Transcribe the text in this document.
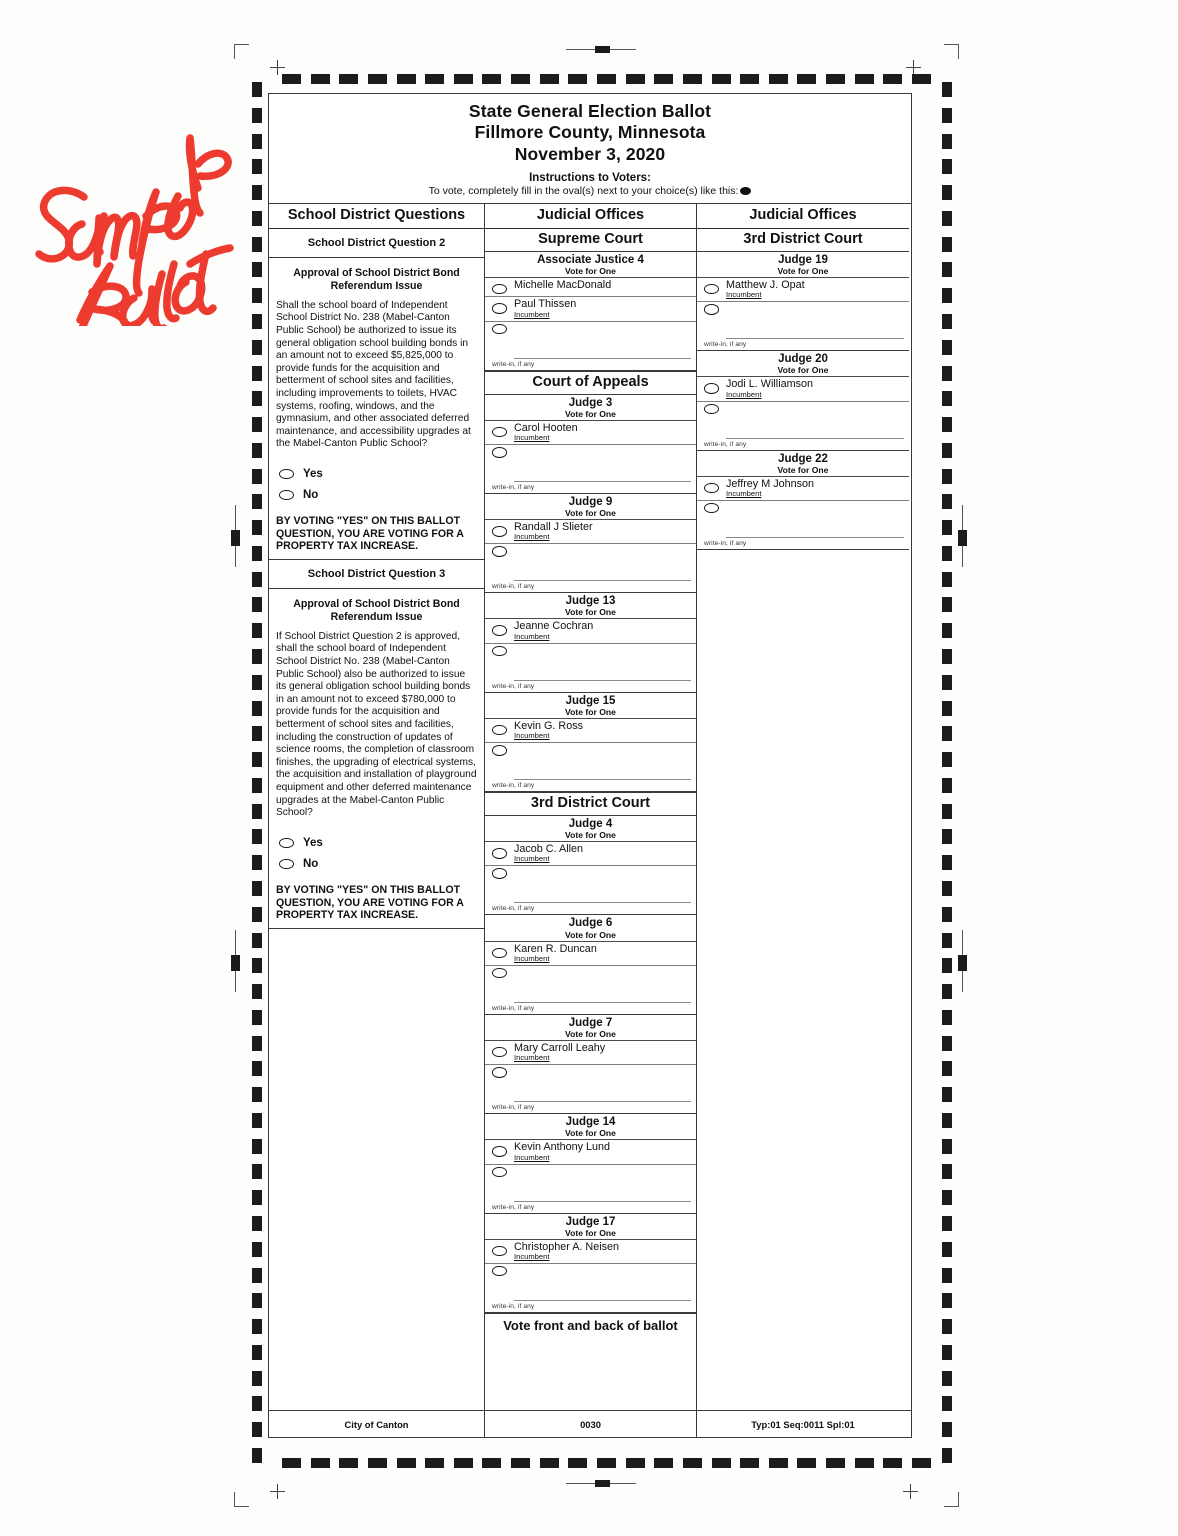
State General Election Ballot
Fillmore County, Minnesota
November 3, 2020
Instructions to Voters:
To vote, completely fill in the oval(s) next to your choice(s) like this:
School District Questions
School District Question 2
Approval of School District Bond Referendum Issue
Shall the school board of Independent School District No. 238 (Mabel-Canton Public School) be authorized to issue its general obligation school building bonds in an amount not to exceed $5,825,000 to provide funds for the acquisition and betterment of school sites and facilities, including improvements to toilets, HVAC systems, roofing, windows, and the gymnasium, and other associated deferred maintenance, and accessibility upgrades at the Mabel-Canton Public School?
Yes
No
BY VOTING "YES" ON THIS BALLOT QUESTION, YOU ARE VOTING FOR A PROPERTY TAX INCREASE.
School District Question 3
Approval of School District Bond Referendum Issue
If School District Question 2 is approved, shall the school board of Independent School District No. 238 (Mabel-Canton Public School) also be authorized to issue its general obligation school building bonds in an amount not to exceed $780,000 to provide funds for the acquisition and betterment of school sites and facilities, including the construction of updates of science rooms, the completion of classroom finishes, the upgrading of electrical systems, the acquisition and installation of playground equipment and other deferred maintenance upgrades at the Mabel-Canton Public School?
Yes
No
BY VOTING "YES" ON THIS BALLOT QUESTION, YOU ARE VOTING FOR A PROPERTY TAX INCREASE.
Judicial Offices
Supreme Court
Associate Justice 4
Vote for One
Michelle MacDonald
Paul Thissen
Incumbent
write-in, if any
Court of Appeals
Judge 3
Vote for One
Carol Hooten
Incumbent
write-in, if any
Judge 9
Vote for One
Randall J Slieter
Incumbent
write-in, if any
Judge 13
Vote for One
Jeanne Cochran
Incumbent
write-in, if any
Judge 15
Vote for One
Kevin G. Ross
Incumbent
write-in, if any
3rd District Court
Judge 4
Vote for One
Jacob C. Allen
Incumbent
write-in, if any
Judge 6
Vote for One
Karen R. Duncan
Incumbent
write-in, if any
Judge 7
Vote for One
Mary Carroll Leahy
Incumbent
write-in, if any
Judge 14
Vote for One
Kevin Anthony Lund
Incumbent
write-in, if any
Judge 17
Vote for One
Christopher A. Neisen
Incumbent
write-in, if any
Vote front and back of ballot
Judicial Offices
3rd District Court
Judge 19
Vote for One
Matthew J. Opat
Incumbent
write-in, if any
Judge 20
Vote for One
Jodi L. Williamson
Incumbent
write-in, if any
Judge 22
Vote for One
Jeffrey M Johnson
Incumbent
write-in, if any
City of Canton	0030	Typ:01 Seq:0011 Spl:01
